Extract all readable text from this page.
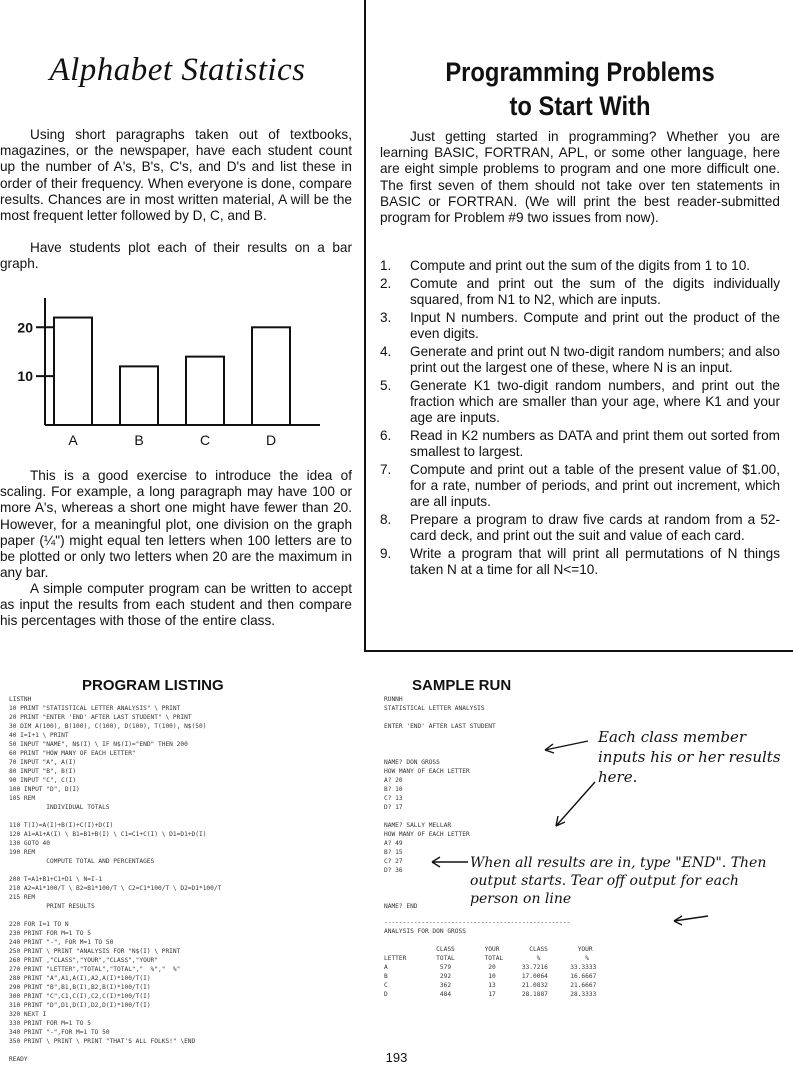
Alphabet Statistics
Using short paragraphs taken out of textbooks, magazines, or the newspaper, have each student count up the number of A's, B's, C's, and D's and list these in order of their frequency. When everyone is done, compare results. Chances are in most written material, A will be the most frequent letter followed by D, C, and B.
Have students plot each of their results on a bar graph.
10
20
A	B	C	D
This is a good exercise to introduce the idea of scaling. For example, a long paragraph may have 100 or more A's, whereas a short one might have fewer than 20. However, for a meaningful plot, one division on the graph paper (¼") might equal ten letters when 100 letters are to be plotted or only two letters when 20 are the maximum in any bar.
A simple computer program can be written to accept as input the results from each student and then compare his percentages with those of the entire class.
Programming Problems
to Start With
Just getting started in programming? Whether you are learning BASIC, FORTRAN, APL, or some other language, here are eight simple problems to program and one more difficult one. The first seven of them should not take over ten statements in BASIC or FORTRAN. (We will print the best reader-submitted program for Problem #9 two issues from now).
1. Compute and print out the sum of the digits from 1 to 10.
2. Comute and print out the sum of the digits individually squared, from N1 to N2, which are inputs.
3. Input N numbers. Compute and print out the product of the even digits.
4. Generate and print out N two-digit random numbers; and also print out the largest one of these, where N is an input.
5. Generate K1 two-digit random numbers, and print out the fraction which are smaller than your age, where K1 and your age are inputs.
6. Read in K2 numbers as DATA and print them out sorted from smallest to largest.
7. Compute and print out a table of the present value of $1.00, for a rate, number of periods, and print out increment, which are all inputs.
8. Prepare a program to draw five cards at random from a 52-card deck, and print out the suit and value of each card.
9. Write a program that will print all permutations of N things taken N at a time for all N<=10.
PROGRAM LISTING
LISTNH
10 PRINT "STATISTICAL LETTER ANALYSIS" \ PRINT
20 PRINT "ENTER 'END' AFTER LAST STUDENT" \ PRINT
30 DIM A(100), B(100), C(100), D(100), T(100), N$(50)
40 I=I+1 \ PRINT
50 INPUT "NAME", N$(I) \ IF N$(I)="END" THEN 200
60 PRINT "HOW MANY OF EACH LETTER"
70 INPUT "A", A(I)
80 INPUT "B", B(I)
90 INPUT "C", C(I)
100 INPUT "D", D(I)
105 REM
INDIVIDUAL TOTALS

110 T(I)=A(I)+B(I)+C(I)+D(I)
120 A1=A1+A(I) \ B1=B1+B(I) \ C1=C1+C(I) \ D1=D1+D(I)
130 GOTO 40
190 REM
COMPUTE TOTAL AND PERCENTAGES

200 T=A1+B1+C1+D1 \ N=I-1
210 A2=A1*100/T \ B2=B1*100/T \ C2=C1*100/T \ D2=D1*100/T
215 REM
PRINT RESULTS

220 FOR I=1 TO N
230 PRINT FOR M=1 TO 5
240 PRINT "-", FOR M=1 TO 50
250 PRINT \ PRINT "ANALYSIS FOR "N$(I) \ PRINT
260 PRINT ,"CLASS","YOUR","CLASS","YOUR"
270 PRINT "LETTER","TOTAL","TOTAL","  %","  %"
280 PRINT "A",A1,A(I),A2,A(I)*100/T(I)
290 PRINT "B",B1,B(I),B2,B(I)*100/T(I)
300 PRINT "C",C1,C(I),C2,C(I)*100/T(I)
310 PRINT "D",D1,D(I),D2,D(I)*100/T(I)
320 NEXT I
330 PRINT FOR M=1 TO 5
340 PRINT "-",FOR M=1 TO 50
350 PRINT \ PRINT \ PRINT "THAT'S ALL FOLKS!" \END

READY
SAMPLE RUN
RUNNH
STATISTICAL LETTER ANALYSIS

ENTER 'END' AFTER LAST STUDENT

NAME? DON GROSS
HOW MANY OF EACH LETTER
A? 20
B? 10
C? 13
D? 17

NAME? SALLY MELLAR
HOW MANY OF EACH LETTER
A? 49
B? 15
C? 27
D? 36

NAME? END
--------------------------------------------------
ANALYSIS FOR DON GROSS

CLASS        YOUR        CLASS        YOUR
LETTER        TOTAL        TOTAL         %            %
A              579          20       33.7216      33.3333
B              292          10       17.0064      16.6667
C              362          13       21.0832      21.6667
D              484          17       28.1887      28.3333
Each class member inputs his or her results here.
When all results are in, type "END". Then output starts. Tear off output for each person on line
193
